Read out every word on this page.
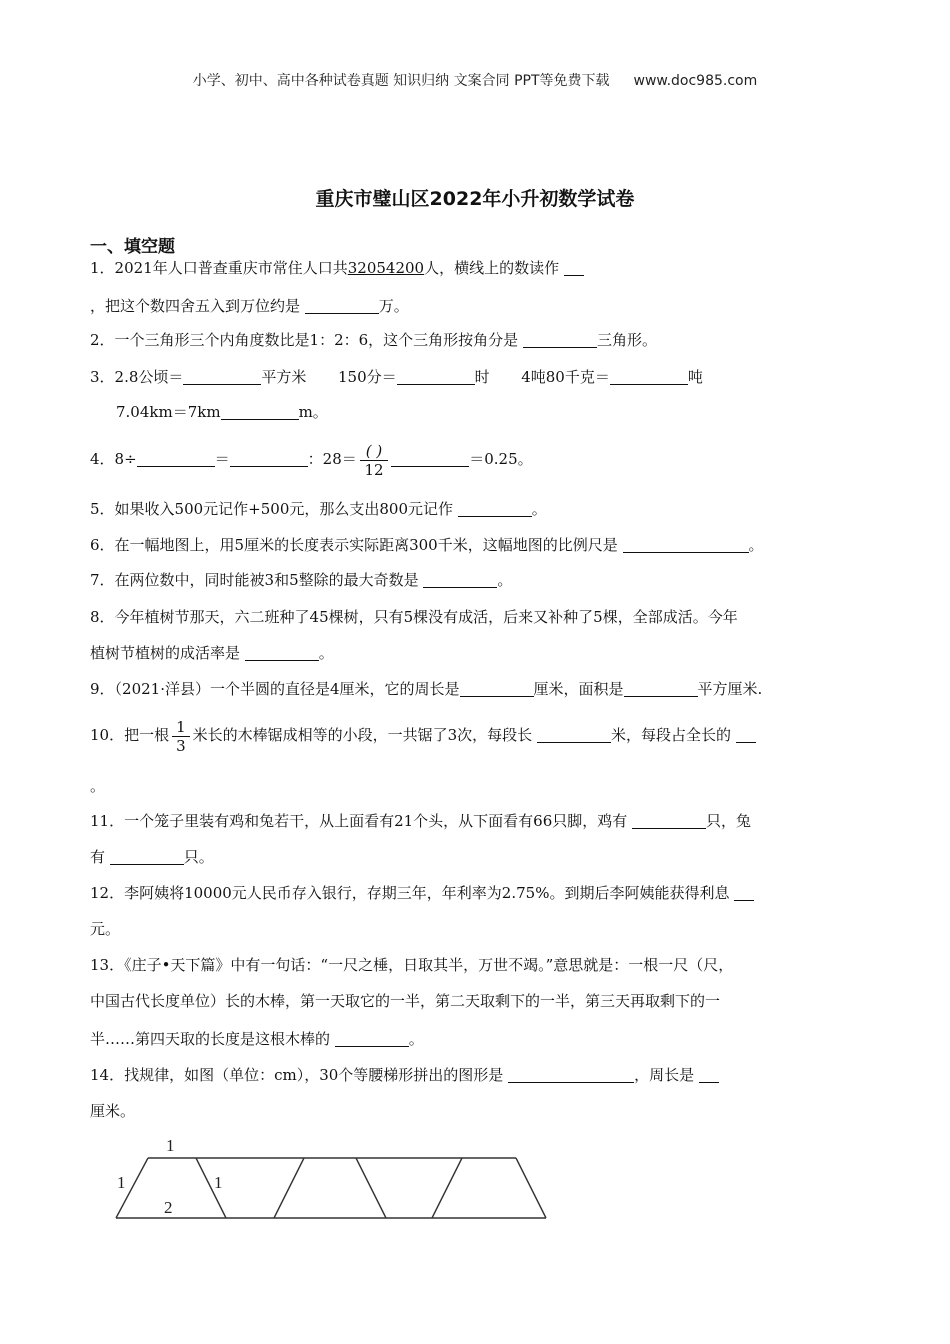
小学、初中、高中各种试卷真题 知识归纳 文案合同 PPT等免费下载 www.doc985.com
重庆市璧山区2022年小升初数学试卷
一、填空题
1．2021年人口普查重庆市常住人口共32054200人，横线上的数读作
，把这个数四舍五入到万位约是	万。
2．一个三角形三个内角度数比是1：2：6，这个三角形按角分是	三角形。
3．2.8公顷＝	平方米 150分＝	时 4吨80千克＝	吨
7.04km＝7km	m。
4．8÷	＝	：$28= \frac{( )}{12}$	＝0.25。
5．如果收入500元记作+500元，那么支出800元记作	。
6．在一幅地图上，用5厘米的长度表示实际距离300千米，这幅地图的比例尺是	。
7．在两位数中，同时能被3和5整除的最大奇数是	。
8．今年植树节那天，六二班种了45棵树，只有5棵没有成活，后来又补种了5棵，全部成活。今年
植树节植树的成活率是	。
9．（2021·洋县）一个半圆的直径是4厘米，它的周长是	厘米，面积是	平方厘米.
10．把一根 $\frac{1}{3}$ 米长的木棒锯成相等的小段，一共锯了3次，每段长	米，每段占全长的
。
11．一个笼子里装有鸡和兔若干，从上面看有21个头，从下面看有66只脚，鸡有	只，兔
有	只。
12．李阿姨将10000元人民币存入银行，存期三年，年利率为2.75%。到期后李阿姨能获得利息
元。
13．《庄子•天下篇》中有一句话：“一尺之棰，日取其半，万世不竭。”意思就是：一根一尺（尺，
中国古代长度单位）长的木棒，第一天取它的一半，第二天取剩下的一半，第三天再取剩下的一
半……第四天取的长度是这根木棒的	。
14．找规律，如图（单位：cm），30个等腰梯形拼出的图形是	，周长是
厘米。
1
1	1
2
